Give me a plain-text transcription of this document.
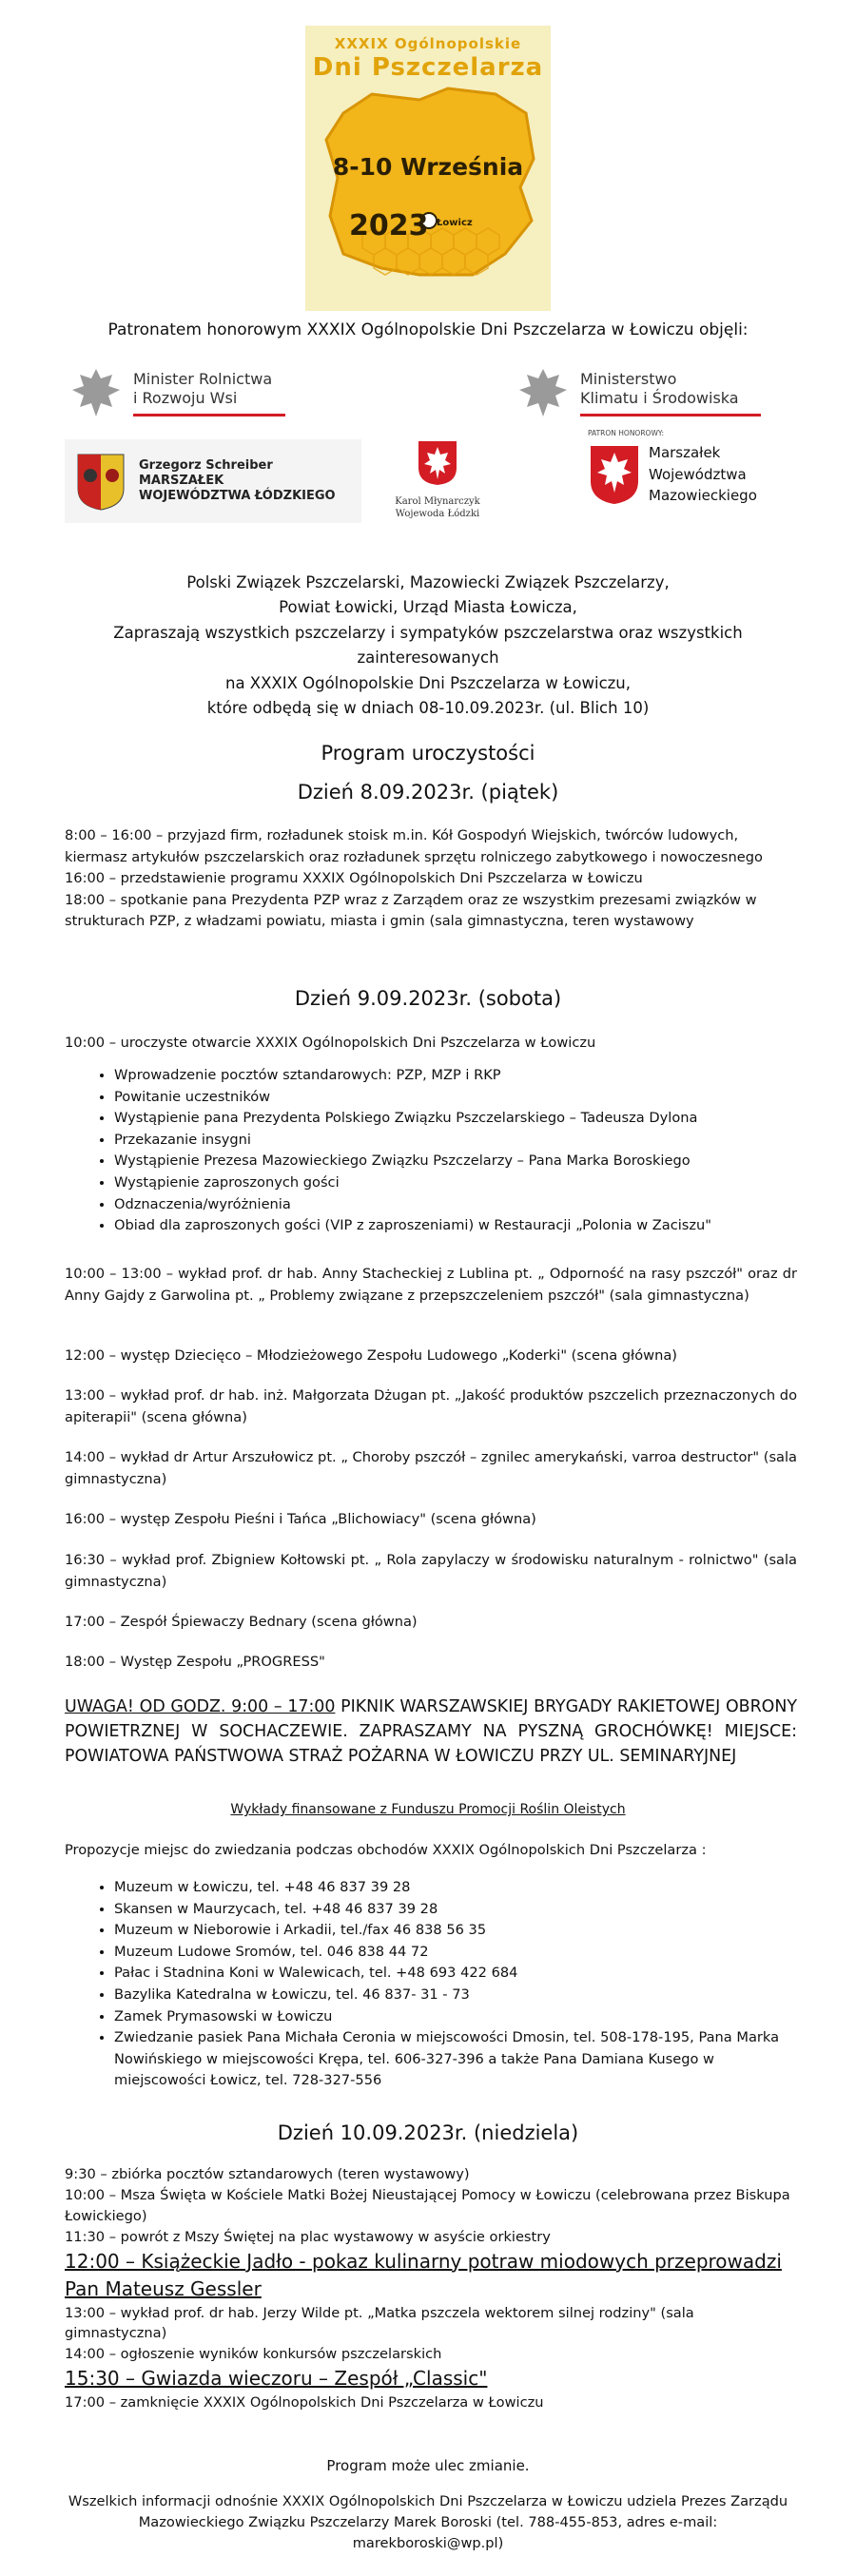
XXXIX Ogólnopolskie
Dni Pszczelarza
8-10 Września
2023 Łowicz
Patronatem honorowym XXXIX Ogólnopolskie Dni Pszczelarza w Łowiczu objęli:
Minister Rolnictwa
i Rozwoju Wsi
Ministerstwo
Klimatu i Środowiska
Grzegorz Schreiber
MARSZAŁEK
WOJEWÓDZTWA ŁÓDZKIEGO	Karol Młynarczyk
Wojewoda Łódzki
PATRON HONOROWY:
Marszałek
Województwa
Mazowieckiego
Polski Związek Pszczelarski, Mazowiecki Związek Pszczelarzy,
Powiat Łowicki, Urząd Miasta Łowicza,
Zapraszają wszystkich pszczelarzy i sympatyków pszczelarstwa oraz wszystkich
zainteresowanych
na XXXIX Ogólnopolskie Dni Pszczelarza w Łowiczu,
które odbędą się w dniach 08-10.09.2023r. (ul. Blich 10)
Program uroczystości
Dzień 8.09.2023r. (piątek)

8:00 – 16:00 – przyjazd firm, rozładunek stoisk m.in. Kół Gospodyń Wiejskich, twórców ludowych, kiermasz artykułów pszczelarskich oraz rozładunek sprzętu rolniczego zabytkowego i nowoczesnego

16:00 – przedstawienie programu XXXIX Ogólnopolskich Dni Pszczelarza w Łowiczu

18:00 – spotkanie pana Prezydenta PZP wraz z Zarządem oraz ze wszystkim prezesami związków w strukturach PZP, z władzami powiatu, miasta i gmin (sala gimnastyczna, teren wystawowy

Dzień 9.09.2023r. (sobota)
10:00 – uroczyste otwarcie XXXIX Ogólnopolskich Dni Pszczelarza w Łowiczu
• Wprowadzenie pocztów sztandarowych: PZP, MZP i RKP
• Powitanie uczestników
• Wystąpienie pana Prezydenta Polskiego Związku Pszczelarskiego – Tadeusza Dylona
• Przekazanie insygni
• Wystąpienie Prezesa Mazowieckiego Związku Pszczelarzy – Pana Marka Boroskiego
• Wystąpienie zaproszonych gości
• Odznaczenia/wyróżnienia
• Obiad dla zaproszonych gości (VIP z zaproszeniami) w Restauracji „Polonia w Zaciszu"
10:00 – 13:00 – wykład prof. dr hab. Anny Stacheckiej z Lublina pt. „ Odporność na rasy pszczół" oraz dr Anny Gajdy z Garwolina pt. „ Problemy związane z przepszczeleniem pszczół" (sala gimnastyczna)
12:00 – występ Dziecięco – Młodzieżowego Zespołu Ludowego „Koderki" (scena główna)
13:00 – wykład prof. dr hab. inż. Małgorzata Dżugan pt. „Jakość produktów pszczelich przeznaczonych do apiterapii" (scena główna)
14:00 – wykład dr Artur Arszułowicz pt. „ Choroby pszczół – zgnilec amerykański, varroa destructor" (sala gimnastyczna)
16:00 – występ Zespołu Pieśni i Tańca „Blichowiacy" (scena główna)
16:30 – wykład prof. Zbigniew Kołtowski pt. „ Rola zapylaczy w środowisku naturalnym - rolnictwo" (sala gimnastyczna)
17:00 – Zespół Śpiewaczy Bednary (scena główna)
18:00 – Występ Zespołu „PROGRESS"
UWAGA! OD GODZ. 9:00 – 17:00 PIKNIK WARSZAWSKIEJ BRYGADY RAKIETOWEJ OBRONY POWIETRZNEJ W SOCHACZEWIE. ZAPRASZAMY NA PYSZNĄ GROCHÓWKĘ! MIEJSCE: POWIATOWA PAŃSTWOWA STRAŻ POŻARNA W ŁOWICZU PRZY UL. SEMINARYJNEJ
Wykłady finansowane z Funduszu Promocji Roślin Oleistych
Propozycje miejsc do zwiedzania podczas obchodów XXXIX Ogólnopolskich Dni Pszczelarza :
• Muzeum w Łowiczu, tel. +48 46 837 39 28
• Skansen w Maurzycach, tel. +48 46 837 39 28
• Muzeum w Nieborowie i Arkadii, tel./fax 46 838 56 35
• Muzeum Ludowe Sromów, tel. 046 838 44 72
• Pałac i Stadnina Koni w Walewicach, tel. +48 693 422 684
• Bazylika Katedralna w Łowiczu, tel. 46 837- 31 - 73
• Zamek Prymasowski w Łowiczu
• Zwiedzanie pasiek Pana Michała Ceronia w miejscowości Dmosin, tel. 508-178-195, Pana Marka Nowińskiego w miejscowości Krępa, tel. 606-327-396 a także Pana Damiana Kusego w miejscowości Łowicz, tel. 728-327-556
Dzień 10.09.2023r. (niedziela)

9:30 – zbiórka pocztów sztandarowych (teren wystawowy)

10:00 – Msza Święta w Kościele Matki Bożej Nieustającej Pomocy w Łowiczu (celebrowana przez Biskupa Łowickiego)

11:30 – powrót z Mszy Świętej na plac wystawowy w asyście orkiestry

12:00 – Książeckie Jadło - pokaz kulinarny potraw miodowych przeprowadzi Pan Mateusz Gessler

13:00 – wykład prof. dr hab. Jerzy Wilde pt. „Matka pszczela wektorem silnej rodziny" (sala gimnastyczna)

14:00 – ogłoszenie wyników konkursów pszczelarskich

15:30 – Gwiazda wieczoru – Zespół „Classic"

17:00 – zamknięcie XXXIX Ogólnopolskich Dni Pszczelarza w Łowiczu

Program może ulec zmianie.
Wszelkich informacji odnośnie XXXIX Ogólnopolskich Dni Pszczelarza w Łowiczu udziela Prezes Zarządu Mazowieckiego Związku Pszczelarzy Marek Boroski (tel. 788-455-853, adres e-mail: marekboroski@wp.pl)
